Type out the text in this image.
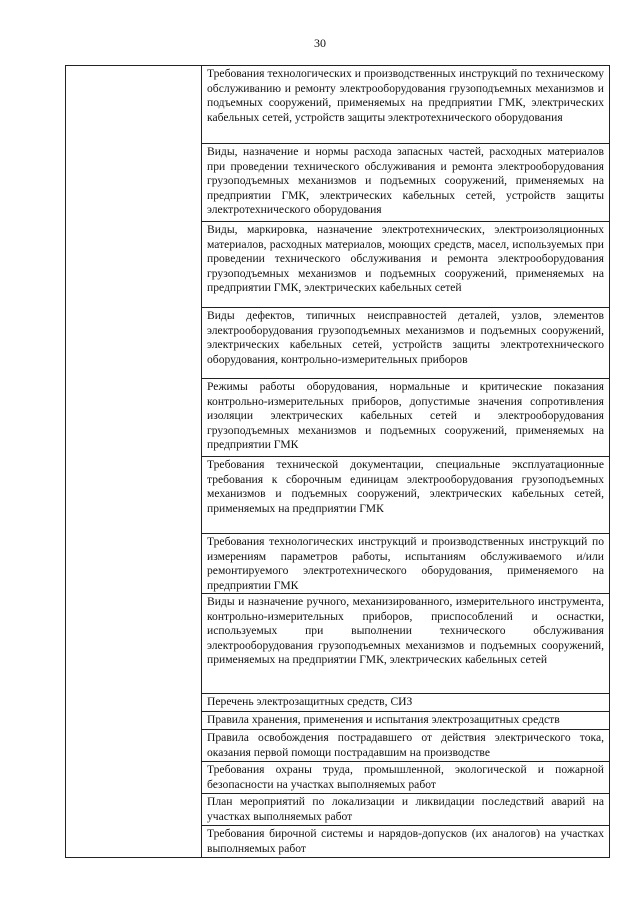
30

Требования технологических и производственных инструкций по техническому обслуживанию и ремонту электрооборудования грузоподъемных механизмов и подъемных сооружений, применяемых на предприятии ГМК, электрических кабельных сетей, устройств защиты электротехнического оборудования

Виды, назначение и нормы расхода запасных частей, расходных материалов при проведении технического обслуживания и ремонта электрооборудования грузоподъемных механизмов и подъемных сооружений, применяемых на предприятии ГМК, электрических кабельных сетей, устройств защиты электротехнического оборудования

Виды, маркировка, назначение электротехнических, электроизоляционных материалов, расходных материалов, моющих средств, масел, используемых при проведении технического обслуживания и ремонта электрооборудования грузоподъемных механизмов и подъемных сооружений, применяемых на предприятии ГМК, электрических кабельных сетей

Виды дефектов, типичных неисправностей деталей, узлов, элементов электрооборудования грузоподъемных механизмов и подъемных сооружений, электрических кабельных сетей, устройств защиты электротехнического оборудования, контрольно-измерительных приборов

Режимы работы оборудования, нормальные и критические показания контрольно-измерительных приборов, допустимые значения сопротивления изоляции электрических кабельных сетей и электрооборудования грузоподъемных механизмов и подъемных сооружений, применяемых на предприятии ГМК

Требования технической документации, специальные эксплуатационные требования к сборочным единицам электрооборудования грузоподъемных механизмов и подъемных сооружений, электрических кабельных сетей, применяемых на предприятии ГМК

Требования технологических инструкций и производственных инструкций по измерениям параметров работы, испытаниям обслуживаемого и/или ремонтируемого электротехнического оборудования, применяемого на предприятии ГМК

Виды и назначение ручного, механизированного, измерительного инструмента, контрольно-измерительных приборов, приспособлений и оснастки, используемых при выполнении технического обслуживания электрооборудования грузоподъемных механизмов и подъемных сооружений, применяемых на предприятии ГМК, электрических кабельных сетей

Перечень электрозащитных средств, СИЗ

Правила хранения, применения и испытания электрозащитных средств

Правила освобождения пострадавшего от действия электрического тока, оказания первой помощи пострадавшим на производстве

Требования охраны труда, промышленной, экологической и пожарной безопасности на участках выполняемых работ

План мероприятий по локализации и ликвидации последствий аварий на участках выполняемых работ

Требования бирочной системы и нарядов-допусков (их аналогов) на участках выполняемых работ
